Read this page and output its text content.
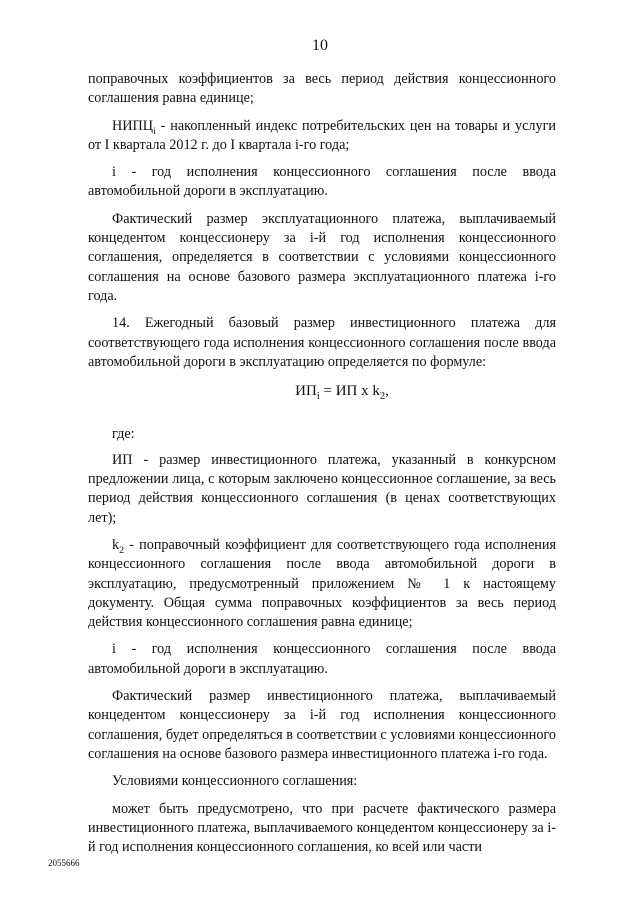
10

поправочных коэффициентов за весь период действия концессионного соглашения равна единице;

$НИПЦ_i$ - накопленный индекс потребительских цен на товары и услуги от I квартала 2012 г. до I квартала i-го года;

i - год исполнения концессионного соглашения после ввода автомобильной дороги в эксплуатацию.

Фактический размер эксплуатационного платежа, выплачиваемый концедентом концессионеру за i-й год исполнения концессионного соглашения, определяется в соответствии с условиями концессионного соглашения на основе базового размера эксплуатационного платежа i-го года.

14. Ежегодный базовый размер инвестиционного платежа для соответствующего года исполнения концессионного соглашения после ввода автомобильной дороги в эксплуатацию определяется по формуле:

$ИП_i$ = ИП x $k_2$,

где:

ИП - размер инвестиционного платежа, указанный в конкурсном предложении лица, с которым заключено концессионное соглашение, за весь период действия концессионного соглашения (в ценах соответствующих лет);

$k_2$ - поправочный коэффициент для соответствующего года исполнения концессионного соглашения после ввода автомобильной дороги в эксплуатацию, предусмотренный приложением № 1 к настоящему документу. Общая сумма поправочных коэффициентов за весь период действия концессионного соглашения равна единице;

i - год исполнения концессионного соглашения после ввода автомобильной дороги в эксплуатацию.

Фактический размер инвестиционного платежа, выплачиваемый концедентом концессионеру за i-й год исполнения концессионного соглашения, будет определяться в соответствии с условиями концессионного соглашения на основе базового размера инвестиционного платежа i-го года.

Условиями концессионного соглашения:

может быть предусмотрено, что при расчете фактического размера инвестиционного платежа, выплачиваемого концедентом концессионеру за i-й год исполнения концессионного соглашения, ко всей или части

2055666
